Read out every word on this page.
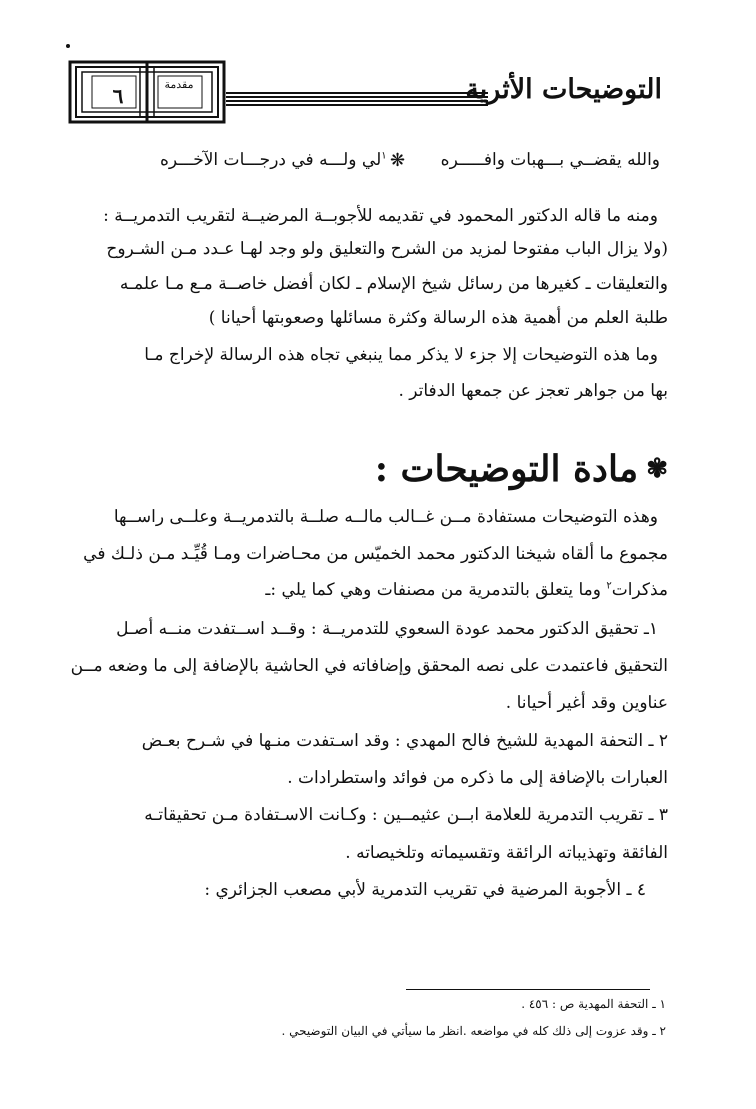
٦	مقدمة	التوضيحات الأثرية
والله يقضــي بـــهبات وافـــــره
❋
$^١$لي ولـــه في درجـــات الآخـــره
ومنه ما قاله الدكتور المحمود في تقديمه للأجوبــة المرضيــة لتقريب التدمريــة :
(ولا يزال الباب مفتوحا لمزيد من الشرح والتعليق ولو وجد لهـا عـدد مـن الشـروح
والتعليقات ـ كغيرها من رسائل شيخ الإسلام ـ لكان أفضل خاصــة مـع مـا علمـه
طلبة العلم من أهمية هذه الرسالة وكثرة مسائلها وصعوبتها أحيانا )
وما هذه التوضيحات إلا جزء لا يذكر مما ينبغي تجاه هذه الرسالة لإخراج مـا
بها من جواهر تعجز عن جمعها الدفاتر .
✾مادة التوضيحات :
وهذه التوضيحات مستفادة مــن غــالب مالــه صلــة بالتدمريــة وعلــى راســها
مجموع ما ألقاه شيخنا الدكتور محمد الخميّس من محـاضرات ومـا قُيِّـد مـن ذلـك في
مذكرات$^٢$ وما يتعلق بالتدمرية من مصنفات وهي كما يلي :ـ
١ـ تحقيق الدكتور محمد عودة السعوي للتدمريــة : وقــد اســتفدت منــه أصـل
التحقيق فاعتمدت على نصه المحقق وإضافاته في الحاشية بالإضافة إلى ما وضعه مــن
عناوين وقد أغير أحيانا .
٢ ـ التحفة المهدية للشيخ فالح المهدي : وقد اسـتفدت منـها في شـرح بعـض
العبارات بالإضافة إلى ما ذكره من فوائد واستطرادات .
٣ ـ تقريب التدمرية للعلامة ابــن عثيمــين : وكـانت الاسـتفادة مـن تحقيقاتـه
الفائقة وتهذيباته الرائقة وتقسيماته وتلخيصاته .
٤ ـ الأجوبة المرضية في تقريب التدمرية لأبي مصعب الجزائري :
١ ـ التحفة المهدية ص : ٤٥٦ .
٢ ـ وقد عزوت إلى ذلك كله في مواضعه .انظر ما سيأتي في البيان التوضيحي .
